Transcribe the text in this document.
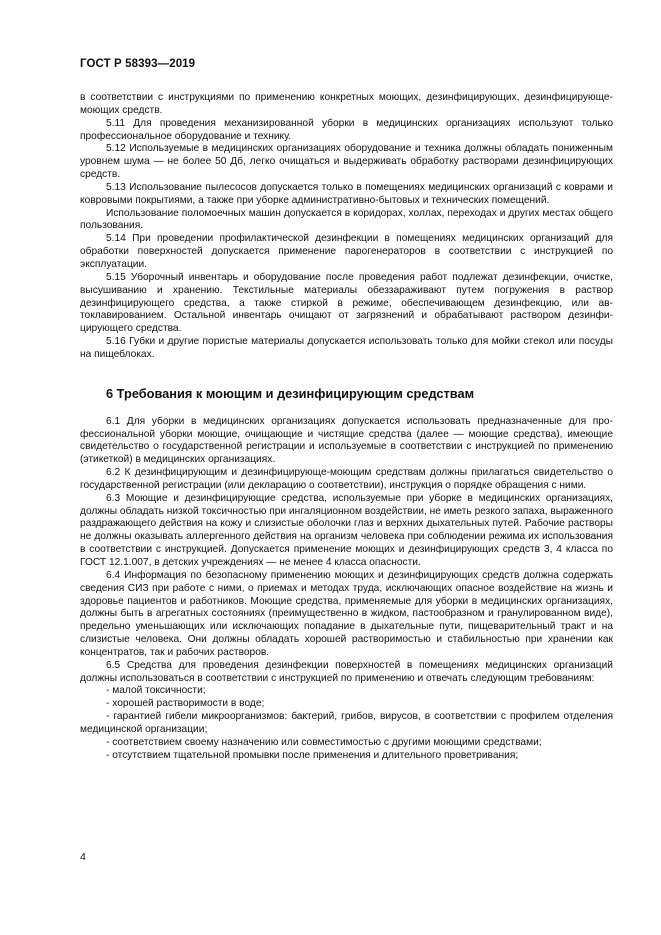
ГОСТ Р 58393—2019

в соответствии с инструкциями по применению конкретных моющих, дезинфицирующих, дезинфицирующе-моющих средств.

5.11 Для проведения механизированной уборки в медицинских организациях используют только профессиональное оборудование и технику.

5.12 Используемые в медицинских организациях оборудование и техника должны обладать пониженным уровнем шума — не более 50 Дб, легко очищаться и выдерживать обработку растворами дезинфицирующих средств.

5.13 Использование пылесосов допускается только в помещениях медицинских организаций с коврами и ковровыми покрытиями, а также при уборке административно-бытовых и технических помещений.

Использование поломоечных машин допускается в коридорах, холлах, переходах и других местах общего пользования.

5.14 При проведении профилактической дезинфекции в помещениях медицинских организаций для обработки поверхностей допускается применение парогенераторов в соответствии с инструкцией по эксплуатации.

5.15 Уборочный инвентарь и оборудование после проведения работ подлежат дезинфекции, очистке, высушиванию и хранению. Текстильные материалы обеззараживают путем погружения в раствор дезинфицирующего средства, а также стиркой в режиме, обеспечивающем дезинфекцию, или автоклавированием. Остальной инвентарь очищают от загрязнений и обрабатывают раствором дезинфицирующего средства.

5.16 Губки и другие пористые материалы допускается использовать только для мойки стекол или посуды на пищеблоках.

6 Требования к моющим и дезинфицирующим средствам

6.1 Для уборки в медицинских организациях допускается использовать предназначенные для профессиональной уборки моющие, очищающие и чистящие средства (далее — моющие средства), имеющие свидетельство о государственной регистрации и используемые в соответствии с инструкцией по применению (этикеткой) в медицинских организациях.

6.2 К дезинфицирующим и дезинфицирующе-моющим средствам должны прилагаться свидетельство о государственной регистрации (или декларацию о соответствии), инструкция о порядке обращения с ними.

6.3 Моющие и дезинфицирующие средства, используемые при уборке в медицинских организациях, должны обладать низкой токсичностью при ингаляционном воздействии, не иметь резкого запаха, выраженного раздражающего действия на кожу и слизистые оболочки глаз и верхних дыхательных путей. Рабочие растворы не должны оказывать аллергенного действия на организм человека при соблюдении режима их использования в соответствии с инструкцией. Допускается применение моющих и дезинфицирующих средств 3, 4 класса по ГОСТ 12.1.007, в детских учреждениях — не менее 4 класса опасности.

6.4 Информация по безопасному применению моющих и дезинфицирующих средств должна содержать сведения СИЗ при работе с ними, о приемах и методах труда, исключающих опасное воздействие на жизнь и здоровье пациентов и работников. Моющие средства, применяемые для уборки в медицинских организациях, должны быть в агрегатных состояниях (преимущественно в жидком, пастообразном и гранулированном виде), предельно уменьшающих или исключающих попадание в дыхательные пути, пищеварительный тракт и на слизистые человека. Они должны обладать хорошей растворимостью и стабильностью при хранении как концентратов, так и рабочих растворов.

6.5 Средства для проведения дезинфекции поверхностей в помещениях медицинских организаций должны использоваться в соответствии с инструкцией по применению и отвечать следующим требованиям:

- малой токсичности;

- хорошей растворимости в воде;

- гарантией гибели микроорганизмов: бактерий, грибов, вирусов, в соответствии с профилем отделения медицинской организации;

- соответствием своему назначению или совместимостью с другими моющими средствами;

- отсутствием тщательной промывки после применения и длительного проветривания;

4
